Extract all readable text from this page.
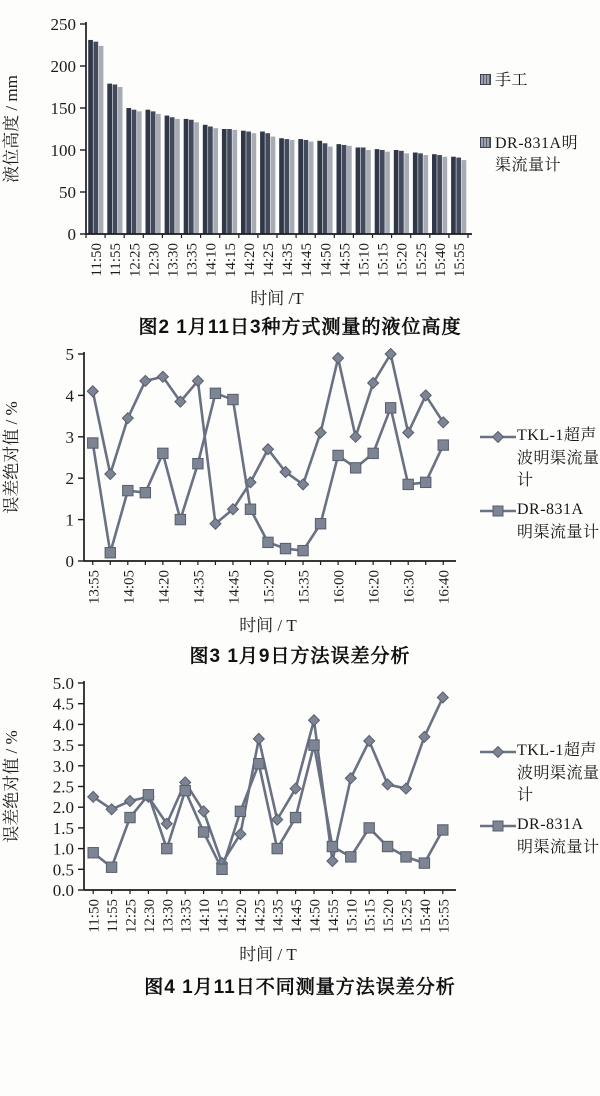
11:50 11:55 12:25 12:30 13:30 13:35 14:10 14:15 14:20 14:25 14:35 14:45 14:50 14:55 15:10 15:15 15:20 15:25 15:40 15:55
0
50
100
150
200
250
液位高度 / mm
时间 /T
手工
DR-831A明渠流量计
图2 1月11日3种方式测量的液位高度
13:55 14:05 14:20 14:35 14:45 15:20 15:35 16:00 16:20 16:30 16:40
0
1
2
3
4
5
误差绝对值 / %
时间 / T
TKL-1超声波明渠流量计
DR-831A明渠流量计
图3 1月9日方法误差分析
11:50 11:55 12:25 12:30 13:30 13:35 14:10 14:15 14:20 14:25 14:35 14:45 14:50 14:55 15:10 15:15 15:20 15:25 15:40 15:55
0.0
0.5
1.0
1.5
2.0
2.5
3.0
3.5
4.0
4.5
5.0
误差绝对值 / %
时间 / T
TKL-1超声波明渠流量计
DR-831A明渠流量计
图4 1月11日不同测量方法误差分析
